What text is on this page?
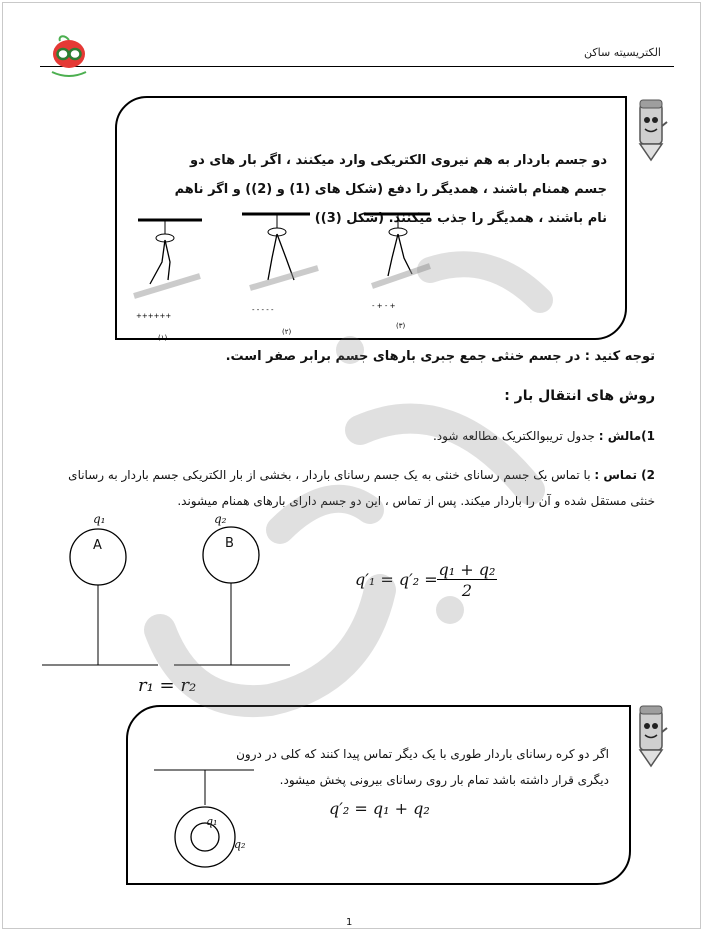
الکتریسیته ساکن
دو جسم باردار به هم نیروی الکتریکی وارد میکنند ، اگر بار های دو جسم همنام باشند ، همدیگر را دفع (شکل های (1) و (2)) و اگر ناهم نام باشند ، همدیگر را جذب میکنند. (شکل (3))
++++++
(۱)
- - - - -
(۲)
- + - +
(۳)
توجه کنید : در جسم خنثی جمع جبری بارهای جسم برابر صفر است.
روش های انتقال بار :
1)مالش : جدول تریبوالکتریک مطالعه شود.
2) تماس : با تماس یک جسم رسانای خنثی به یک جسم رسانای باردار ، بخشی از بار الکتریکی جسم باردار به رسانای خنثی مستقل شده و آن را باردار میکند. پس از تماس ، این دو جسم دارای بارهای همنام میشوند.
A	B
q₁	q₂
r₁ = r₂
q′₁ = q′₂ =
q₁ + q₂
2
اگر دو کره رسانای باردار طوری با یک دیگر تماس پیدا کنند که کلی در درون دیگری قرار داشته باشد تمام بار روی رسانای بیرونی پخش میشود.
q′₂ = q₁ + q₂
q₁
q₂
1
